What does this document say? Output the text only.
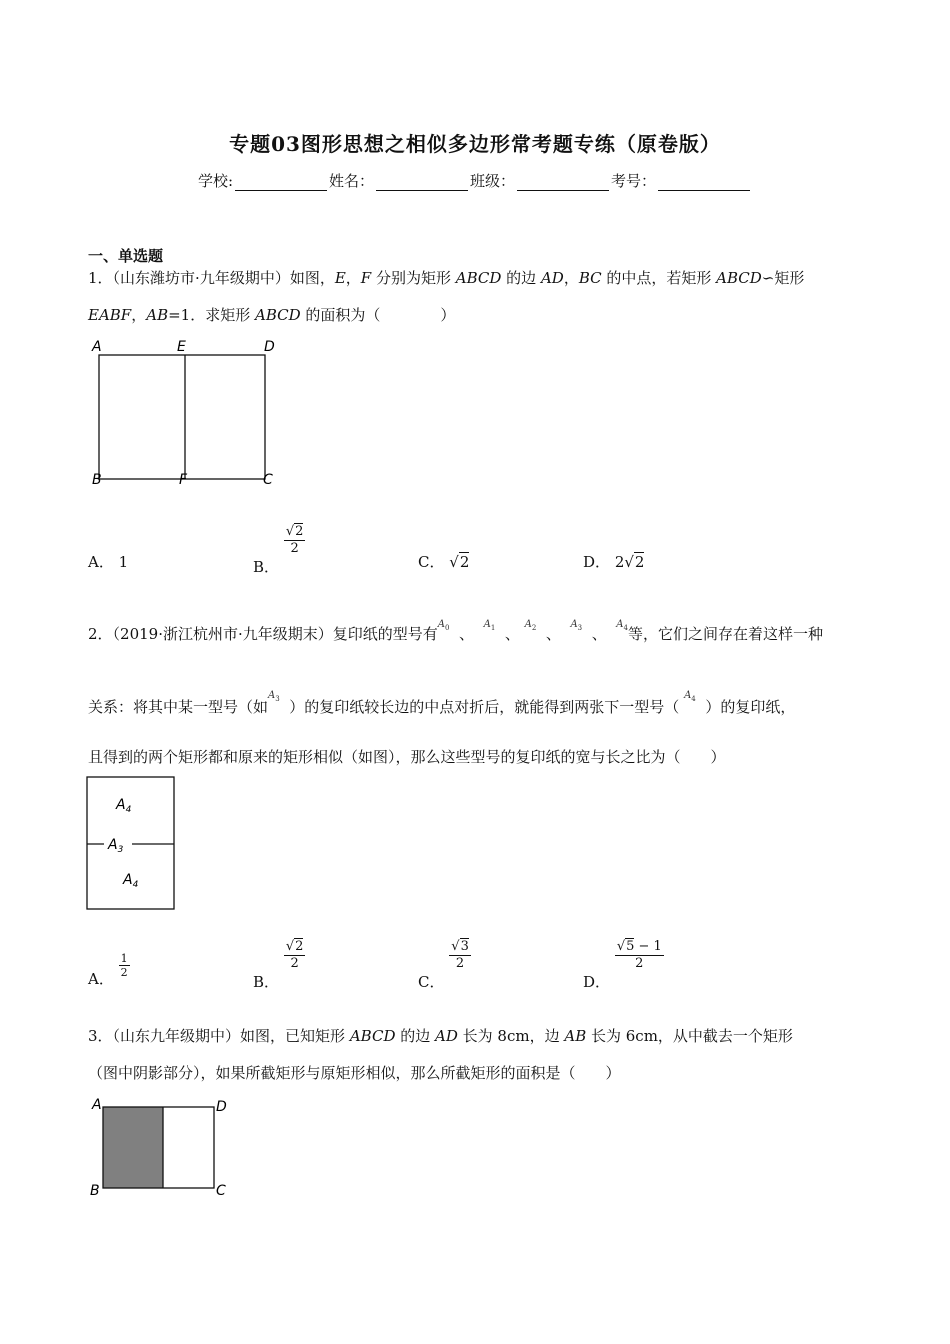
专题03图形思想之相似多边形常考题专练（原卷版）
学校:	姓名：	班级：	考号：
一、单选题
1．（山东潍坊市·九年级期中）如图，E，F 分别为矩形 ABCD 的边 AD，BC 的中点，若矩形 ABCD∽矩形
EABF，AB=1．求矩形 ABCD 的面积为（　　　　）
A	E	D
B	F	C
A． 1	B．
$\frac{√2}{2}$
C． √2	D． 2√2
2．（2019·浙江杭州市·九年级期末）复印纸的型号有$^{A_0}$ 、  $^{A_1}$ 、 $^{A_2}$ 、  $^{A_3}$ 、  $^{A_4}$等，它们之间存在着这样一种
关系：将其中某一型号（如$^{A_3}$ ）的复印纸较长边的中点对折后，就能得到两张下一型号（ $^{A_4}$ ）的复印纸，
且得到的两个矩形都和原来的矩形相似（如图），那么这些型号的复印纸的宽与长之比为（　　）
$A_4$
$A_3$
$A_4$
A． $\frac{1}{2}$
B．
$\frac{√2}{2}$
C．
$\frac{√3}{2}$
D．
$\frac{√5 - 1}{2}$
3．（山东九年级期中）如图，已知矩形 ABCD 的边 AD 长为 8cm，边 AB 长为 6cm，从中截去一个矩形
（图中阴影部分），如果所截矩形与原矩形相似，那么所截矩形的面积是（　　）
A	D
B	C
